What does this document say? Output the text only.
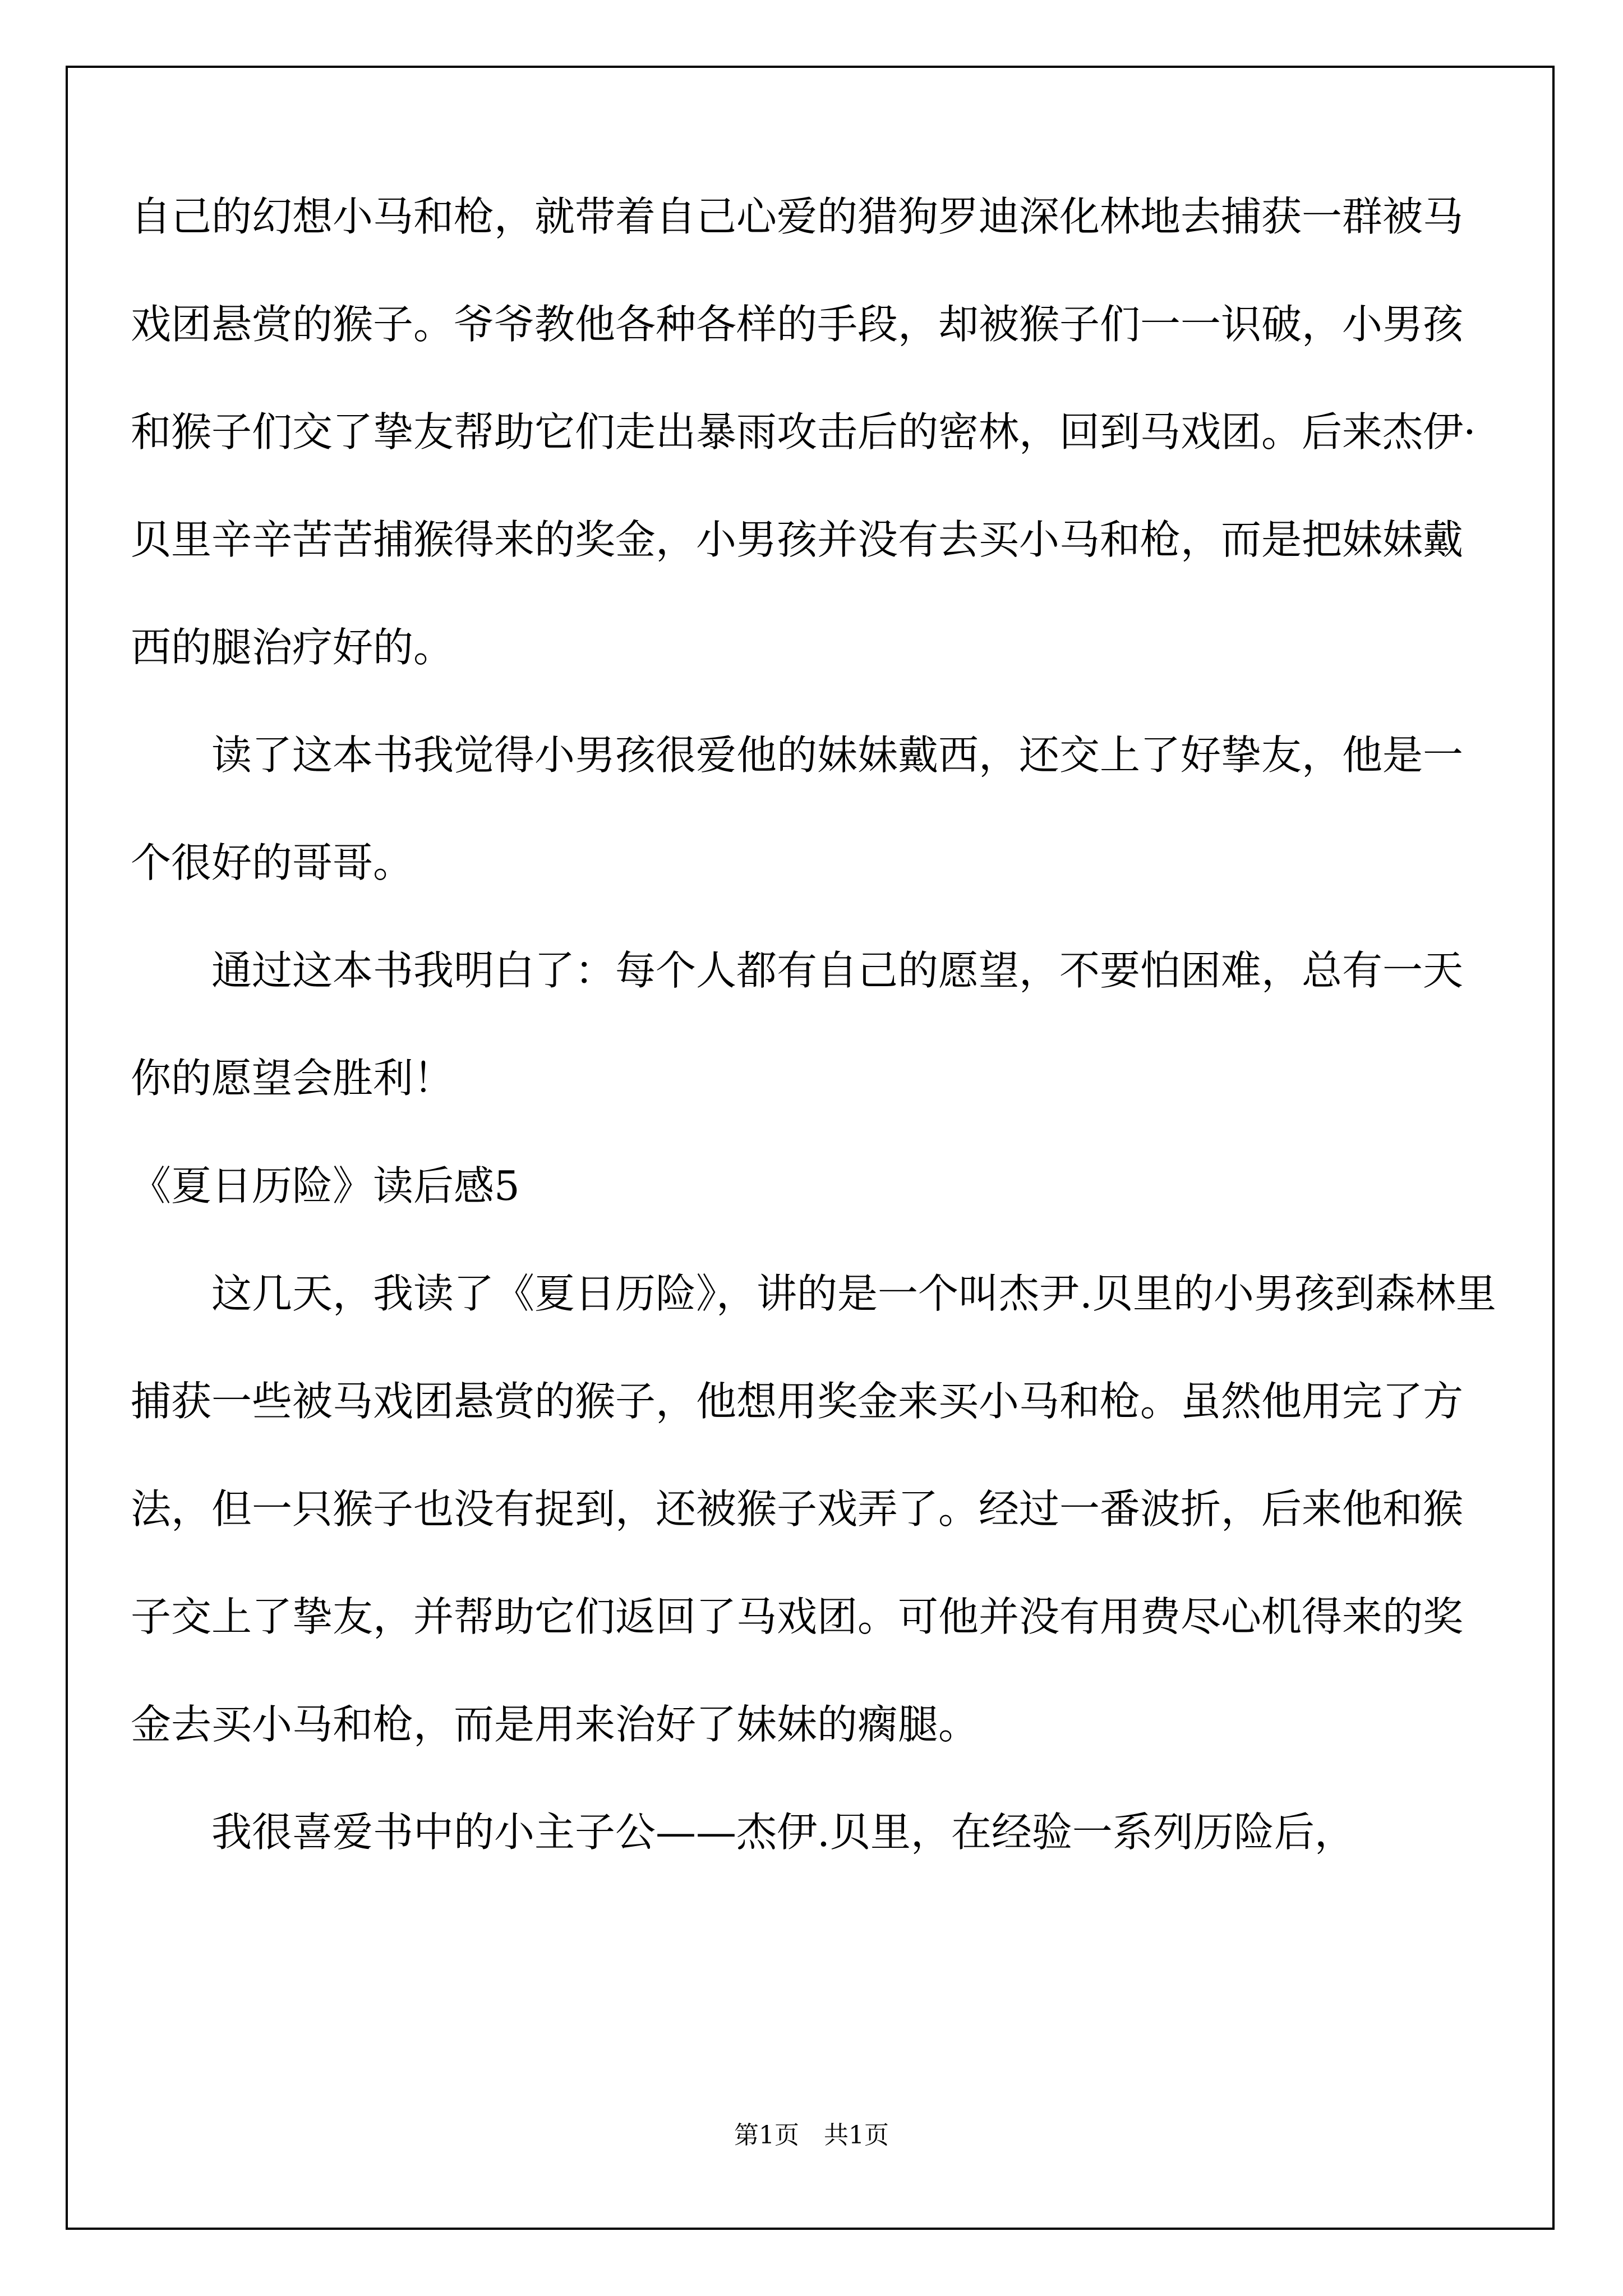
自己的幻想小马和枪，就带着自己心爱的猎狗罗迪深化林地去捕获一群被马戏团悬赏的猴子。爷爷教他各种各样的手段，却被猴子们一一识破，小男孩和猴子们交了挚友帮助它们走出暴雨攻击后的密林，回到马戏团。后来杰伊·贝里辛辛苦苦捕猴得来的奖金，小男孩并没有去买小马和枪，而是把妹妹戴西的腿治疗好的。

读了这本书我觉得小男孩很爱他的妹妹戴西，还交上了好挚友，他是一个很好的哥哥。

通过这本书我明白了：每个人都有自己的愿望，不要怕困难，总有一天你的愿望会胜利！

《夏日历险》读后感5

这几天，我读了《夏日历险》，讲的是一个叫杰尹.贝里的小男孩到森林里捕获一些被马戏团悬赏的猴子，他想用奖金来买小马和枪。虽然他用完了方法，但一只猴子也没有捉到，还被猴子戏弄了。经过一番波折，后来他和猴子交上了挚友，并帮助它们返回了马戏团。可他并没有用费尽心机得来的奖金去买小马和枪，而是用来治好了妹妹的瘸腿。

我很喜爱书中的小主子公——杰伊.贝里，在经验一系列历险后，

第1页　共1页
